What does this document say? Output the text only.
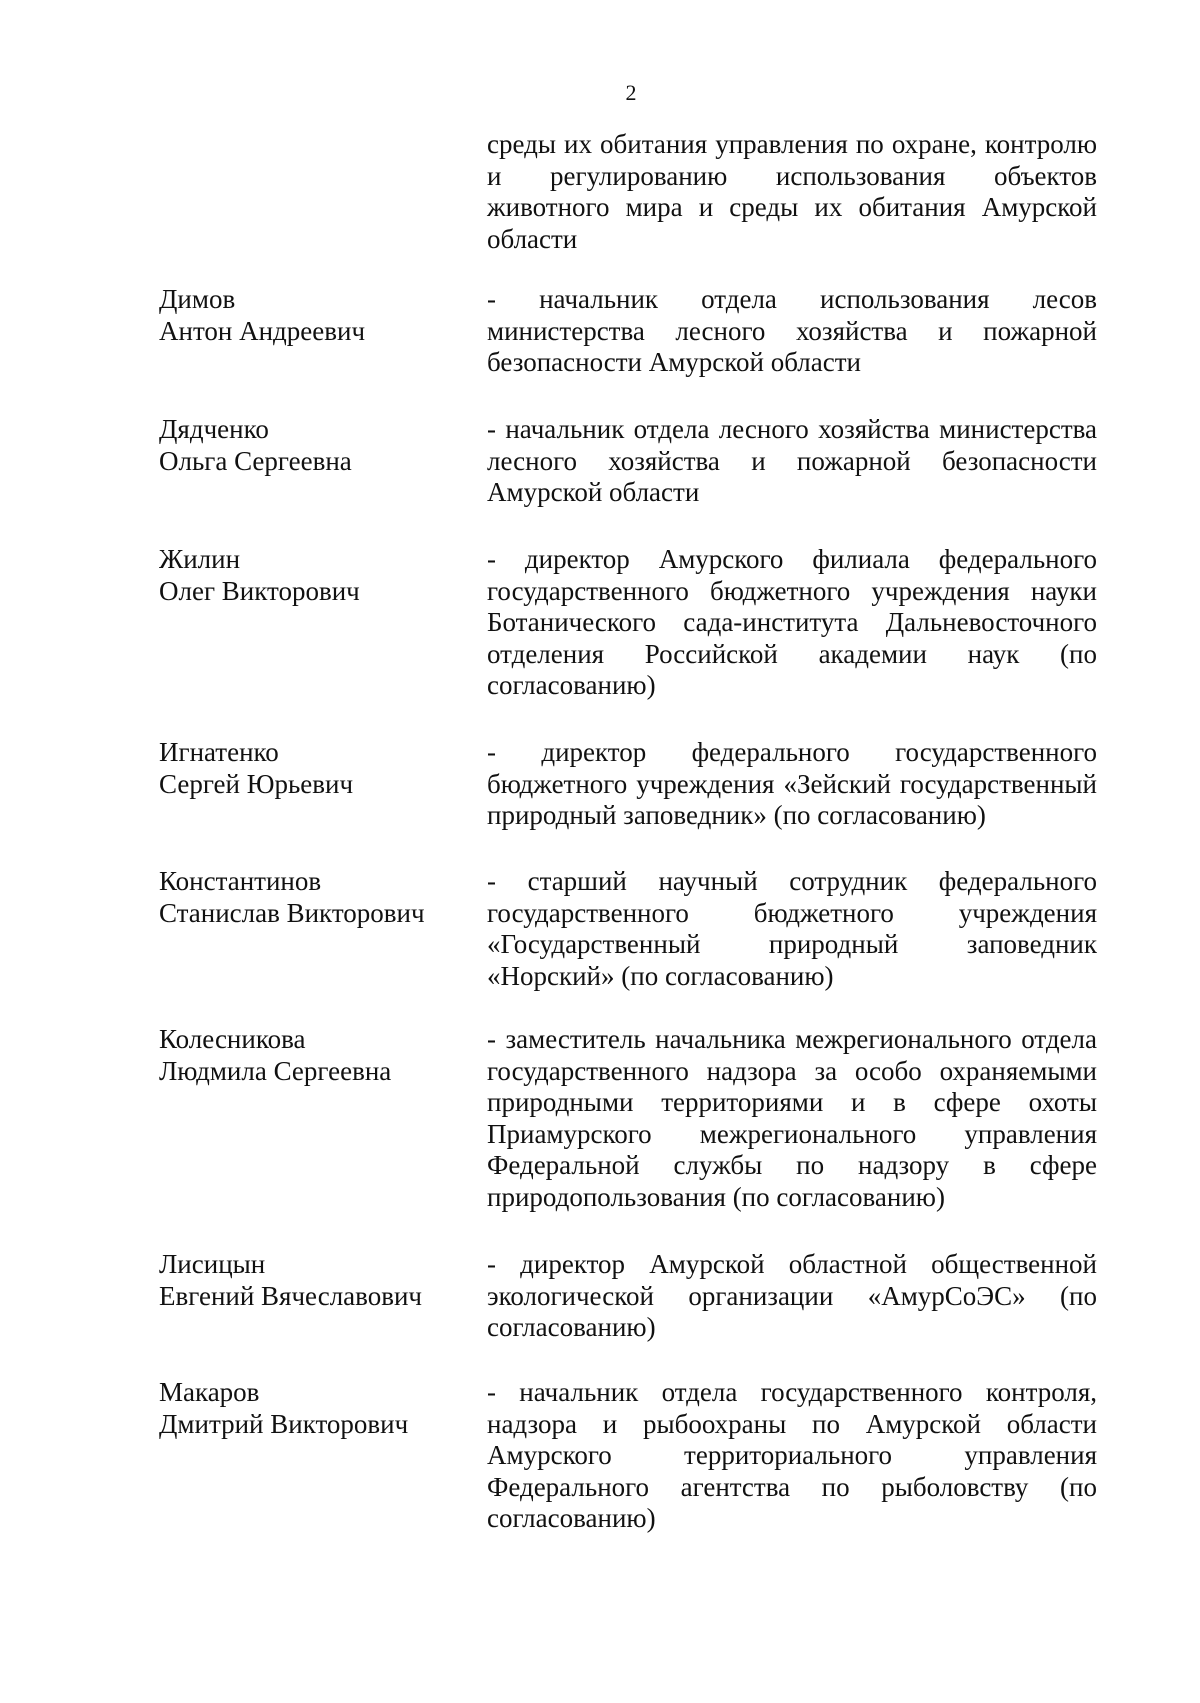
2
среды их обитания управления по охране, контролю и регулированию использования объектов животного мира и среды их обитания Амурской области
Димов
Антон Андреевич
- начальник отдела использования лесов министерства лесного хозяйства и пожарной безопасности Амурской области
Дядченко
Ольга Сергеевна
- начальник отдела лесного хозяйства министерства лесного хозяйства и пожарной безопасности Амурской области
Жилин
Олег Викторович
- директор Амурского филиала федерального государственного бюджетного учреждения науки Ботанического сада-института Дальневосточного отделения Российской академии наук (по согласованию)
Игнатенко
Сергей Юрьевич
- директор федерального государственного бюджетного учреждения «Зейский государственный природный заповедник» (по согласованию)
Константинов
Станислав Викторович
- старший научный сотрудник федерального государственного бюджетного учреждения «Государственный природный заповедник «Норский» (по согласованию)
Колесникова
Людмила Сергеевна
- заместитель начальника межрегионального отдела государственного надзора за особо охраняемыми природными территориями и в сфере охоты Приамурского межрегионального управления Федеральной службы по надзору в сфере природопользования (по согласованию)
Лисицын
Евгений Вячеславович
- директор Амурской областной общественной экологической организации «АмурСоЭС» (по согласованию)
Макаров
Дмитрий Викторович
- начальник отдела государственного контроля, надзора и рыбоохраны по Амурской области Амурского территориального управления Федерального агентства по рыболовству (по согласованию)
